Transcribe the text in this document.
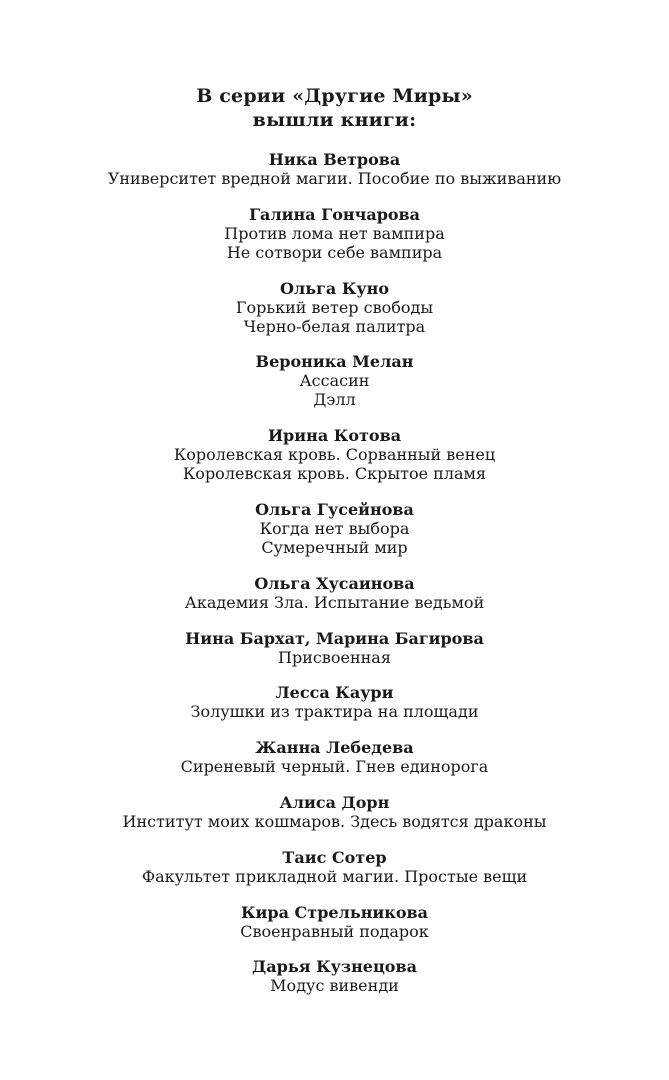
В серии «Другие Миры»
вышли книги:
Ника Ветрова
Университет вредной магии. Пособие по выживанию
Галина Гончарова
Против лома нет вампира
Не сотвори себе вампира
Ольга Куно
Горький ветер свободы
Черно-белая палитра
Вероника Мелан
Ассасин
Дэлл
Ирина Котова
Королевская кровь. Сорванный венец
Королевская кровь. Скрытое пламя
Ольга Гусейнова
Когда нет выбора
Сумеречный мир
Ольга Хусаинова
Академия Зла. Испытание ведьмой
Нина Бархат, Марина Багирова
Присвоенная
Лесса Каури
Золушки из трактира на площади
Жанна Лебедева
Сиреневый черный. Гнев единорога
Алиса Дорн
Институт моих кошмаров. Здесь водятся драконы
Таис Сотер
Факультет прикладной магии. Простые вещи
Кира Стрельникова
Своенравный подарок
Дарья Кузнецова
Модус вивенди
